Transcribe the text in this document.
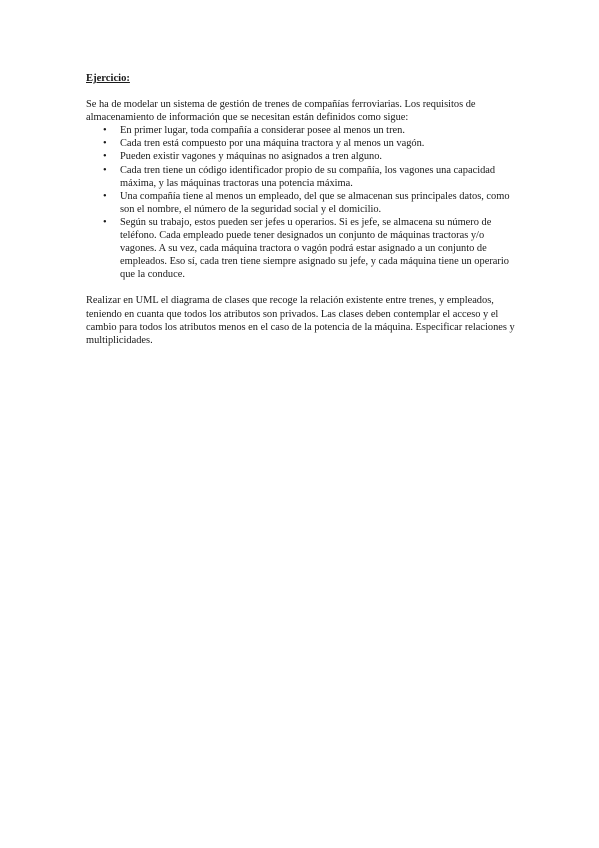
Ejercicio:

Se ha de modelar un sistema de gestión de trenes de compañías ferroviarias. Los requisitos de almacenamiento de información que se necesitan están definidos como sigue:

• En primer lugar, toda compañía a considerar posee al menos un tren.
• Cada tren está compuesto por una máquina tractora y al menos un vagón.
• Pueden existir vagones y máquinas no asignados a tren alguno.
• Cada tren tiene un código identificador propio de su compañía, los vagones una capacidad máxima, y las máquinas tractoras una potencia máxima.
• Una compañía tiene al menos un empleado, del que se almacenan sus principales datos, como son el nombre, el número de la seguridad social y el domicilio.
• Según su trabajo, estos pueden ser jefes u operarios. Si es jefe, se almacena su número de teléfono. Cada empleado puede tener designados un conjunto de máquinas tractoras y/o vagones. A su vez, cada máquina tractora o vagón podrá estar asignado a un conjunto de empleados. Eso sí, cada tren tiene siempre asignado su jefe, y cada máquina tiene un operario que la conduce.

Realizar en UML el diagrama de clases que recoge la relación existente entre trenes, y empleados, teniendo en cuanta que todos los atributos son privados. Las clases deben contemplar el acceso y el cambio para todos los atributos menos en el caso de la potencia de la máquina. Especificar relaciones y multiplicidades.
